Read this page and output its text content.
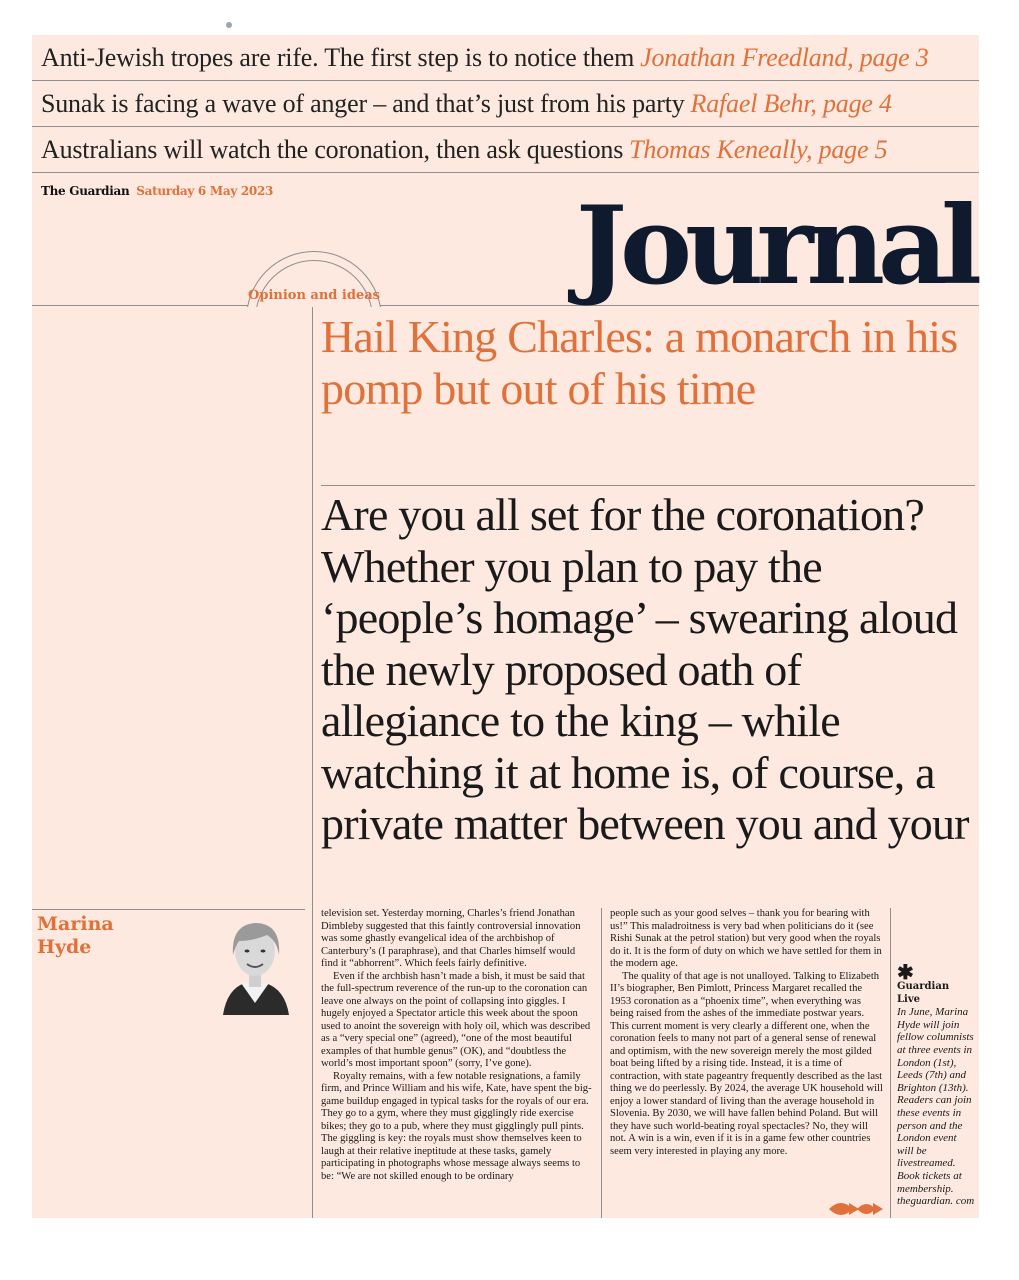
Anti-Jewish tropes are rife. The first step is to notice them Jonathan Freedland, page 3
Sunak is facing a wave of anger – and that’s just from his party Rafael Behr, page 4
Australians will watch the coronation, then ask questions Thomas Keneally, page 5
The Guardian Saturday 6 May 2023	Journal
Opinion and ideas
Hail King Charles: a monarch in his pomp but out of his time
Are you all set for the coronation? Whether you plan to pay the ‘people’s homage’ – swearing aloud the newly proposed oath of allegiance to the king – while watching it at home is, of course, a private matter between you and your
Marina Hyde

television set. Yesterday morning, Charles’s friend Jonathan Dimbleby suggested that this faintly controversial innovation was some ghastly evangelical idea of the archbishop of Canterbury’s (I paraphrase), and that Charles himself would find it “abhorrent”. Which feels fairly definitive.

Even if the archbish hasn’t made a bish, it must be said that the full-spectrum reverence of the run-up to the coronation can leave one always on the point of collapsing into giggles. I hugely enjoyed a Spectator article this week about the spoon used to anoint the sovereign with holy oil, which was described as a “very special one” (agreed), “one of the most beautiful examples of that humble genus” (OK), and “doubtless the world’s most important spoon” (sorry, I’ve gone).

Royalty remains, with a few notable resignations, a family firm, and Prince William and his wife, Kate, have spent the big-game buildup engaged in typical tasks for the royals of our era. They go to a gym, where they must gigglingly ride exercise bikes; they go to a pub, where they must gigglingly pull pints. The giggling is key: the royals must show themselves keen to laugh at their relative ineptitude at these tasks, gamely participating in photographs whose message always seems to be: “We are not skilled enough to be ordinary

people such as your good selves – thank you for bearing with us!” This maladroitness is very bad when politicians do it (see Rishi Sunak at the petrol station) but very good when the royals do it. It is the form of duty on which we have settled for them in the modern age.

The quality of that age is not unalloyed. Talking to Elizabeth II’s biographer, Ben Pimlott, Princess Margaret recalled the 1953 coronation as a “phoenix time”, when everything was being raised from the ashes of the immediate postwar years. This current moment is very clearly a different one, when the coronation feels to many not part of a general sense of renewal and optimism, with the new sovereign merely the most gilded boat being lifted by a rising tide. Instead, it is a time of contraction, with state pageantry frequently described as the last thing we do peerlessly. By 2024, the average UK household will enjoy a lower standard of living than the average household in Slovenia. By 2030, we will have fallen behind Poland. But will they have such world-beating royal spectacles? No, they will not. A win is a win, even if it is in a game few other countries seem very interested in playing any more.

✱
Guardian Live
In June, Marina Hyde will join fellow columnists at three events in London (1st), Leeds (7th) and Brighton (13th). Readers can join these events in person and the London event will be livestreamed. Book tickets at membership. theguardian. com
